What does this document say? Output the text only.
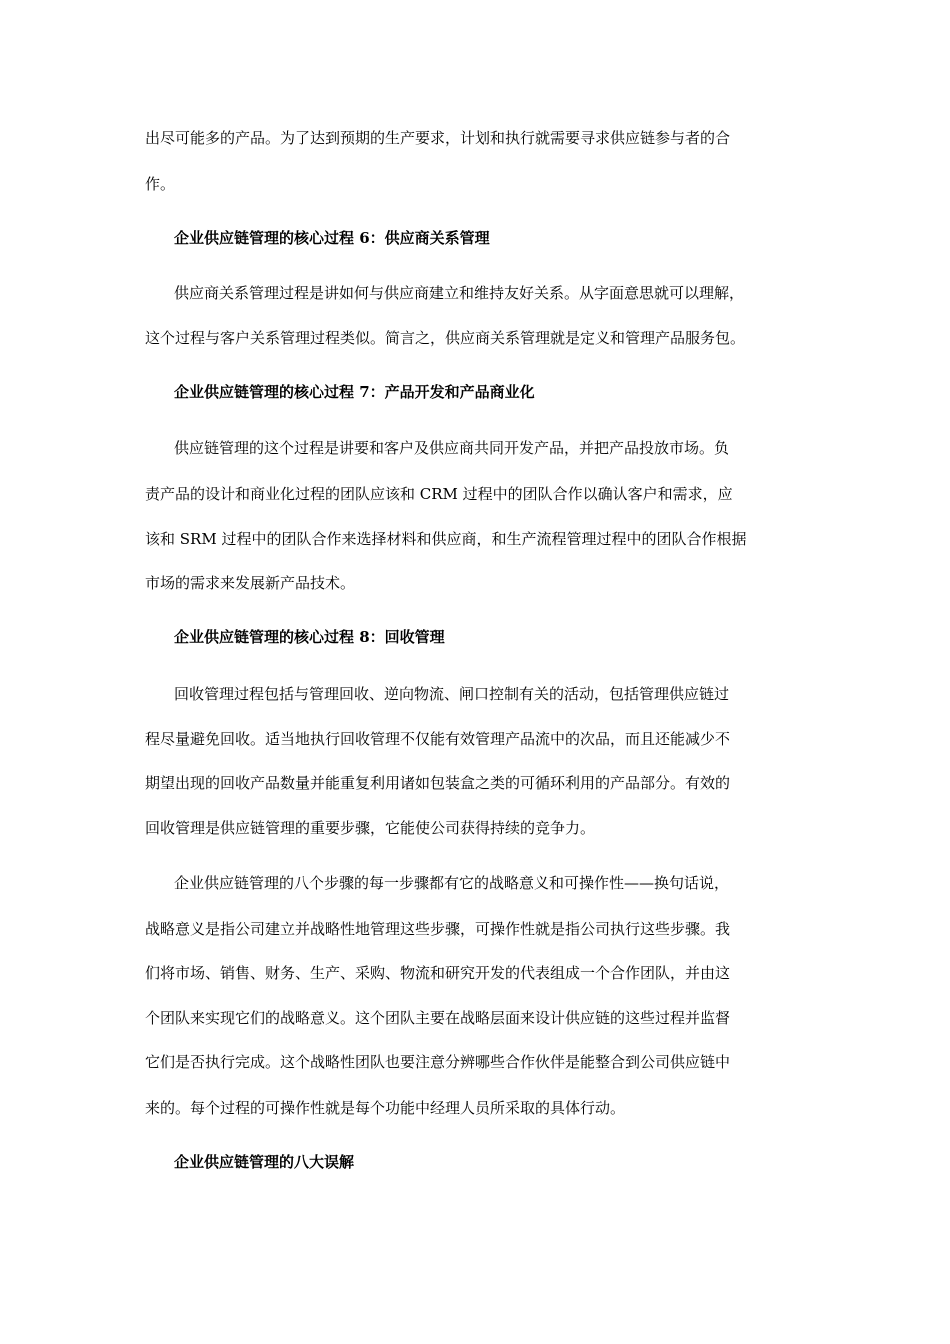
出尽可能多的产品。为了达到预期的生产要求，计划和执行就需要寻求供应链参与者的合
作。
企业供应链管理的核心过程 6：供应商关系管理
供应商关系管理过程是讲如何与供应商建立和维持友好关系。从字面意思就可以理解，
这个过程与客户关系管理过程类似。简言之，供应商关系管理就是定义和管理产品服务包。
企业供应链管理的核心过程 7：产品开发和产品商业化
供应链管理的这个过程是讲要和客户及供应商共同开发产品，并把产品投放市场。负
责产品的设计和商业化过程的团队应该和 CRM 过程中的团队合作以确认客户和需求，应
该和 SRM 过程中的团队合作来选择材料和供应商，和生产流程管理过程中的团队合作根据
市场的需求来发展新产品技术。
企业供应链管理的核心过程 8：回收管理
回收管理过程包括与管理回收、逆向物流、闸口控制有关的活动，包括管理供应链过
程尽量避免回收。适当地执行回收管理不仅能有效管理产品流中的次品，而且还能减少不
期望出现的回收产品数量并能重复利用诸如包装盒之类的可循环利用的产品部分。有效的
回收管理是供应链管理的重要步骤，它能使公司获得持续的竞争力。
企业供应链管理的八个步骤的每一步骤都有它的战略意义和可操作性——换句话说，
战略意义是指公司建立并战略性地管理这些步骤，可操作性就是指公司执行这些步骤。我
们将市场、销售、财务、生产、采购、物流和研究开发的代表组成一个合作团队，并由这
个团队来实现它们的战略意义。这个团队主要在战略层面来设计供应链的这些过程并监督
它们是否执行完成。这个战略性团队也要注意分辨哪些合作伙伴是能整合到公司供应链中
来的。每个过程的可操作性就是每个功能中经理人员所采取的具体行动。
企业供应链管理的八大误解
